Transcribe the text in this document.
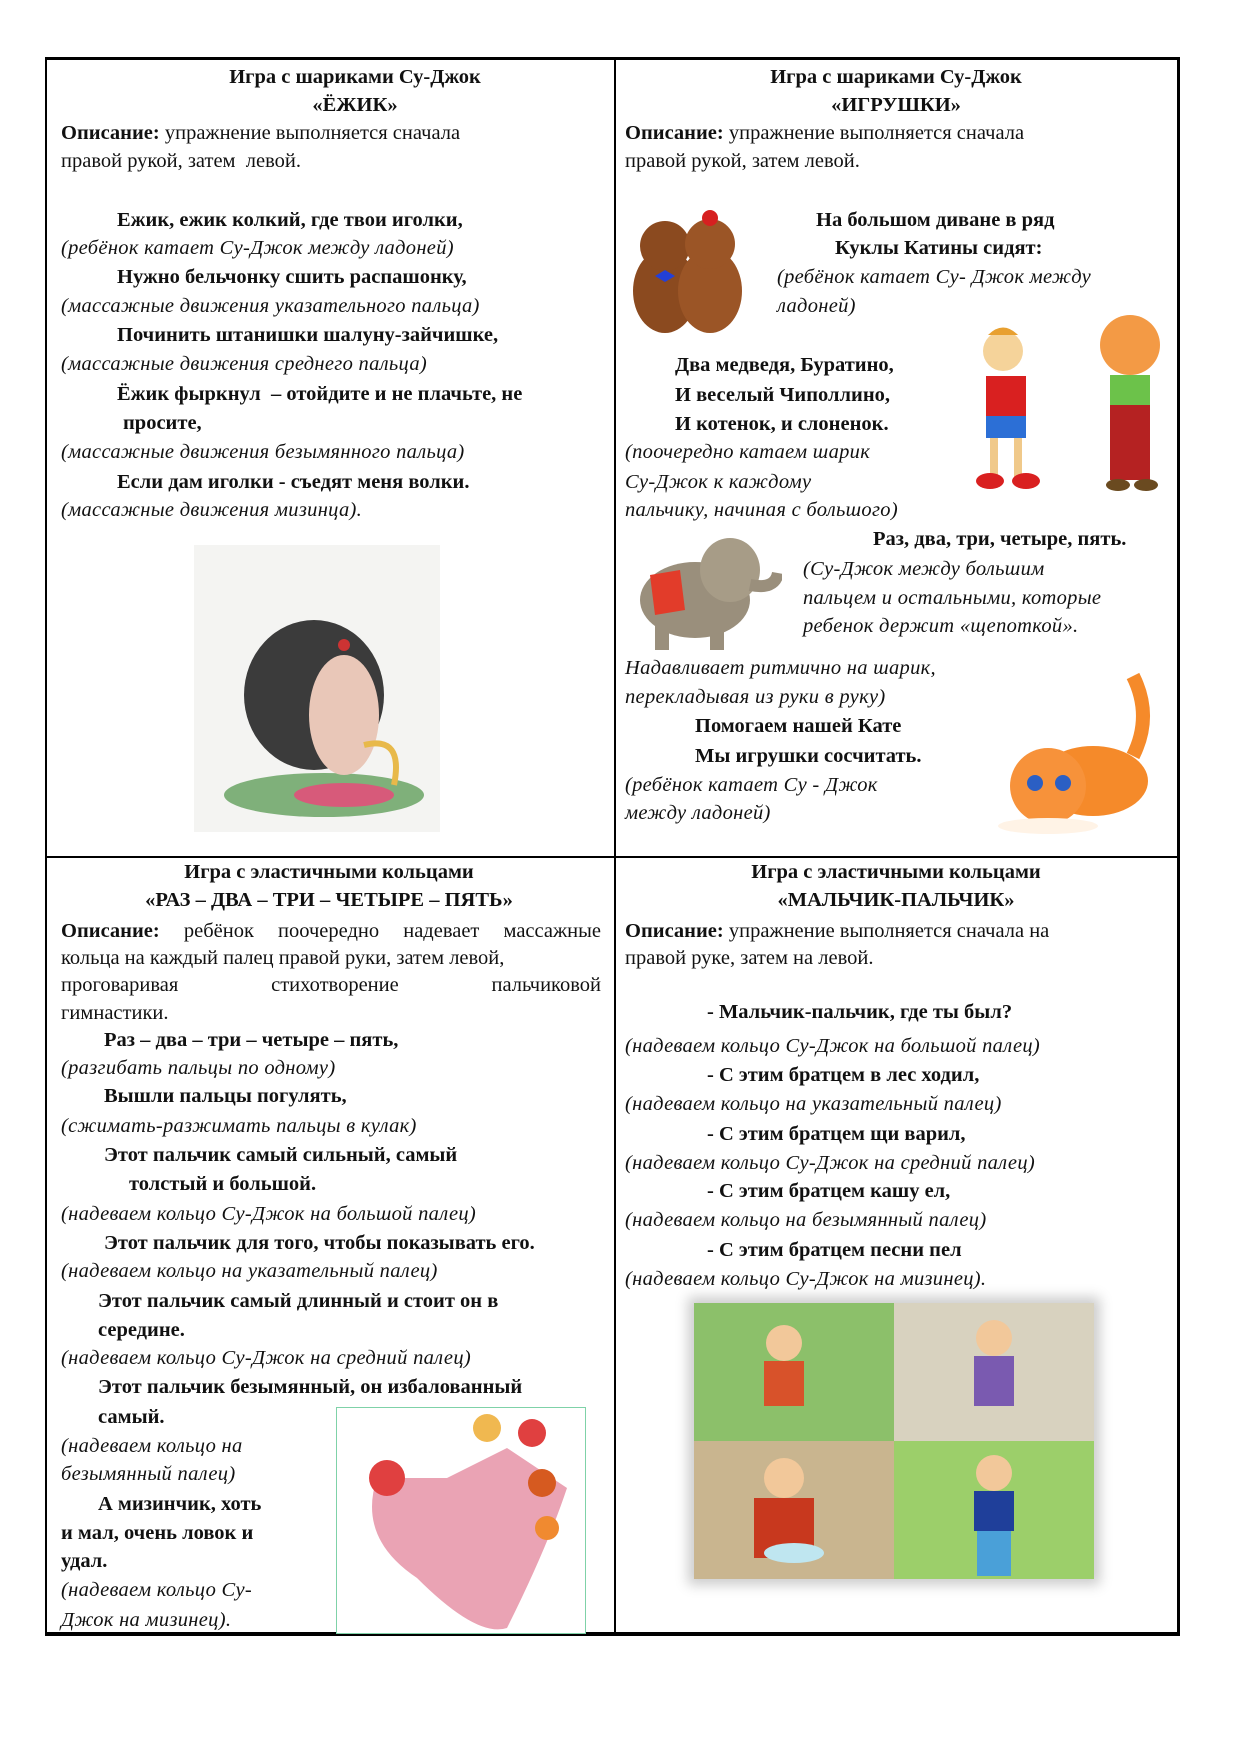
Игра с шариками Су-Джок
«ЁЖИК»
Описание: упражнение выполняется сначала
правой рукой, затем  левой.
Ежик, ежик колкий, где твои иголки,
(ребёнок катает Су-Джок между ладоней)
Нужно бельчонку сшить распашонку,
(массажные движения указательного пальца)
Починить штанишки шалуну-зайчишке,
(массажные движения среднего пальца)
Ёжик фыркнул  – отойдите и не плачьте, не
просите,
(массажные движения безымянного пальца)
Если дам иголки - съедят меня волки.
(массажные движения мизинца).
Игра с шариками Су-Джок
«ИГРУШКИ»
Описание: упражнение выполняется сначала
правой рукой, затем левой.
На большом диване в ряд
Куклы Катины сидят:
(ребёнок катает Су- Джок между
ладоней)
Два медведя, Буратино,
И веселый Чиполлино,
И котенок, и слоненок.
(поочередно катаем шарик
Су-Джок к каждому
пальчику, начиная с большого)
Раз, два, три, четыре, пять.
(Су-Джок между большим
пальцем и остальными, которые
ребенок держит «щепоткой».
Надавливает ритмично на шарик,
перекладывая из руки в руку)
Помогаем нашей Кате
Мы игрушки сосчитать.
(ребёнок катает Су - Джок
между ладоней)
Игра с эластичными кольцами
«РАЗ – ДВА – ТРИ – ЧЕТЫРЕ – ПЯТЬ»
Описание: ребёнок поочередно надевает массажные
кольца на каждый палец правой руки, затем левой,
проговаривая стихотворение пальчиковой
гимнастики.
Раз – два – три – четыре – пять,
(разгибать пальцы по одному)
Вышли пальцы погулять,
(сжимать-разжимать пальцы в кулак)
Этот пальчик самый сильный, самый
толстый и большой.
(надеваем кольцо Су-Джок на большой палец)
Этот пальчик для того, чтобы показывать его.
(надеваем кольцо на указательный палец)
Этот пальчик самый длинный и стоит он в
середине.
(надеваем кольцо Су-Джок на средний палец)
Этот пальчик безымянный, он избалованный
самый.
(надеваем кольцо на
безымянный палец)
А мизинчик, хоть
и мал, очень ловок и
удал.
(надеваем кольцо Су-
Джок на мизинец).
Игра с эластичными кольцами
«МАЛЬЧИК-ПАЛЬЧИК»
Описание: упражнение выполняется сначала на
правой руке, затем на левой.
- Мальчик-пальчик, где ты был?
(надеваем кольцо Су-Джок на большой палец)
- С этим братцем в лес ходил,
(надеваем кольцо на указательный палец)
- С этим братцем щи варил,
(надеваем кольцо Су-Джок на средний палец)
- С этим братцем кашу ел,
(надеваем кольцо на безымянный палец)
- С этим братцем песни пел
(надеваем кольцо Су-Джок на мизинец).
